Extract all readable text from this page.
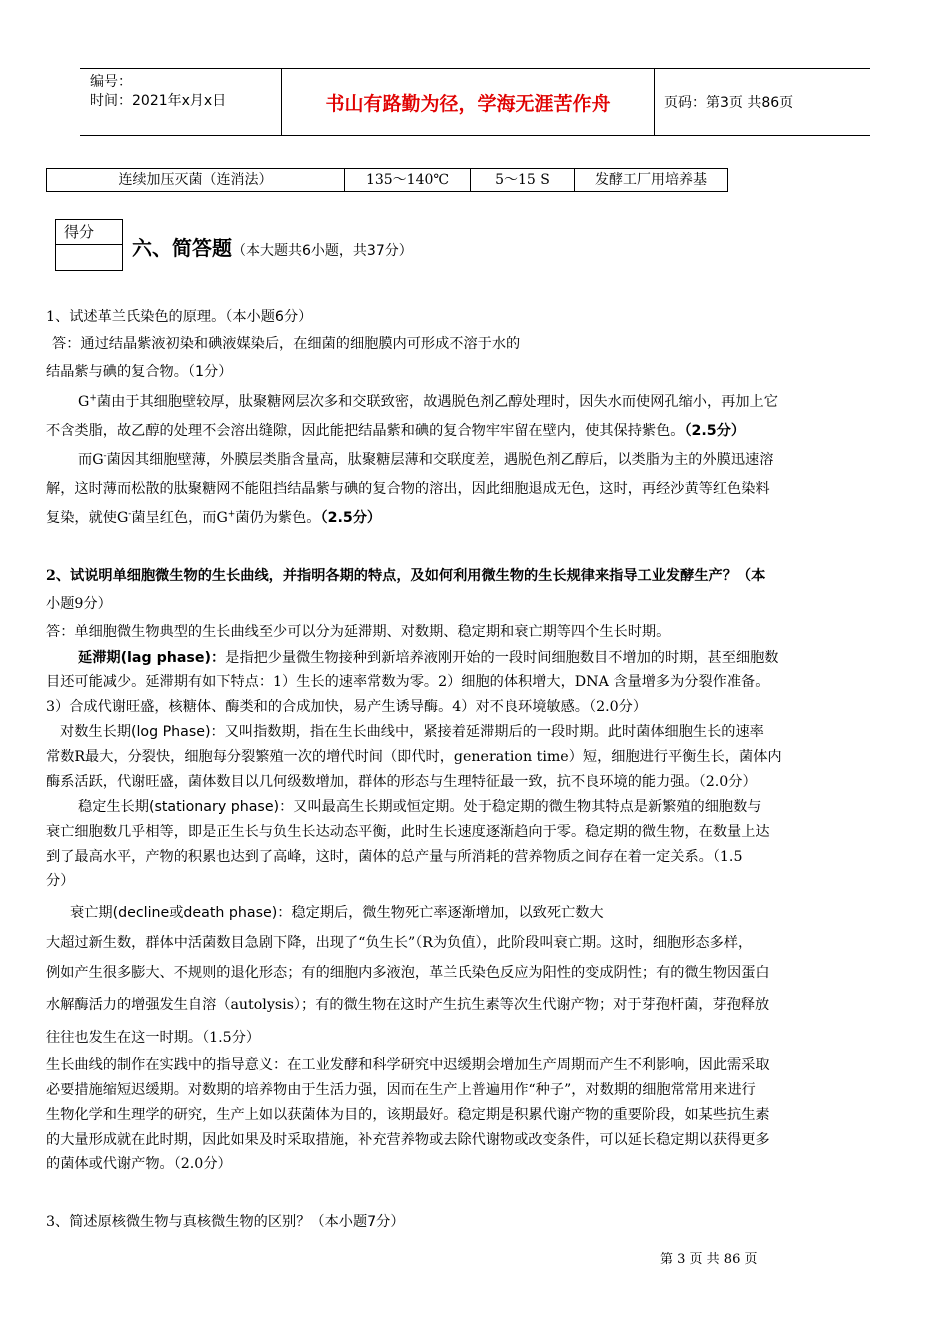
编号：
时间：2021年x月x日	书山有路勤为径，学海无涯苦作舟	页码：第3页 共86页
连续加压灭菌（连消法）	135～140℃	5～15 S	发酵工厂用培养基
得分
六、简答题（本大题共6小题，共37分）
1、试述革兰氏染色的原理。（本小题6分）
答：通过结晶紫液初染和碘液媒染后，在细菌的细胞膜内可形成不溶于水的
结晶紫与碘的复合物。（1分）
G+菌由于其细胞壁较厚，肽聚糖网层次多和交联致密，故遇脱色剂乙醇处理时，因失水而使网孔缩小，再加上它
不含类脂，故乙醇的处理不会溶出缝隙，因此能把结晶紫和碘的复合物牢牢留在壁内，使其保持紫色。（2.5分）
而G-菌因其细胞壁薄，外膜层类脂含量高，肽聚糖层薄和交联度差，遇脱色剂乙醇后，以类脂为主的外膜迅速溶
解，这时薄而松散的肽聚糖网不能阻挡结晶紫与碘的复合物的溶出，因此细胞退成无色，这时，再经沙黄等红色染料
复染，就使G-菌呈红色，而G+菌仍为紫色。（2.5分）
2、试说明单细胞微生物的生长曲线，并指明各期的特点，及如何利用微生物的生长规律来指导工业发酵生产？（本
小题9分）
答：单细胞微生物典型的生长曲线至少可以分为延滞期、对数期、稳定期和衰亡期等四个生长时期。
延滞期(lag phase)：是指把少量微生物接种到新培养液刚开始的一段时间细胞数目不增加的时期，甚至细胞数
目还可能减少。延滞期有如下特点：1）生长的速率常数为零。2）细胞的体积增大，DNA 含量增多为分裂作准备。
3）合成代谢旺盛，核糖体、酶类和的合成加快，易产生诱导酶。4）对不良环境敏感。（2.0分）
对数生长期(log Phase)：又叫指数期，指在生长曲线中，紧接着延滞期后的一段时期。此时菌体细胞生长的速率
常数R最大，分裂快，细胞每分裂繁殖一次的增代时间（即代时，generation time）短，细胞进行平衡生长，菌体内
酶系活跃，代谢旺盛，菌体数目以几何级数增加，群体的形态与生理特征最一致，抗不良环境的能力强。（2.0分）
稳定生长期(stationary phase)：又叫最高生长期或恒定期。处于稳定期的微生物其特点是新繁殖的细胞数与
衰亡细胞数几乎相等，即是正生长与负生长达动态平衡，此时生长速度逐渐趋向于零。稳定期的微生物，在数量上达
到了最高水平，产物的积累也达到了高峰，这时，菌体的总产量与所消耗的营养物质之间存在着一定关系。（1.5
分）
衰亡期(decline或death phase)：稳定期后，微生物死亡率逐渐增加，以致死亡数大
大超过新生数，群体中活菌数目急剧下降，出现了“负生长”（R为负值），此阶段叫衰亡期。这时，细胞形态多样，
例如产生很多膨大、不规则的退化形态；有的细胞内多液泡，革兰氏染色反应为阳性的变成阴性；有的微生物因蛋白
水解酶活力的增强发生自溶（autolysis）；有的微生物在这时产生抗生素等次生代谢产物；对于芽孢杆菌，芽孢释放
往往也发生在这一时期。（1.5分）
生长曲线的制作在实践中的指导意义：在工业发酵和科学研究中迟缓期会增加生产周期而产生不利影响，因此需采取
必要措施缩短迟缓期。对数期的培养物由于生活力强，因而在生产上普遍用作“种子”，对数期的细胞常常用来进行
生物化学和生理学的研究，生产上如以获菌体为目的，该期最好。稳定期是积累代谢产物的重要阶段，如某些抗生素
的大量形成就在此时期，因此如果及时采取措施，补充营养物或去除代谢物或改变条件，可以延长稳定期以获得更多
的菌体或代谢产物。（2.0分）
3、简述原核微生物与真核微生物的区别？（本小题7分）
第 3 页 共 86 页
